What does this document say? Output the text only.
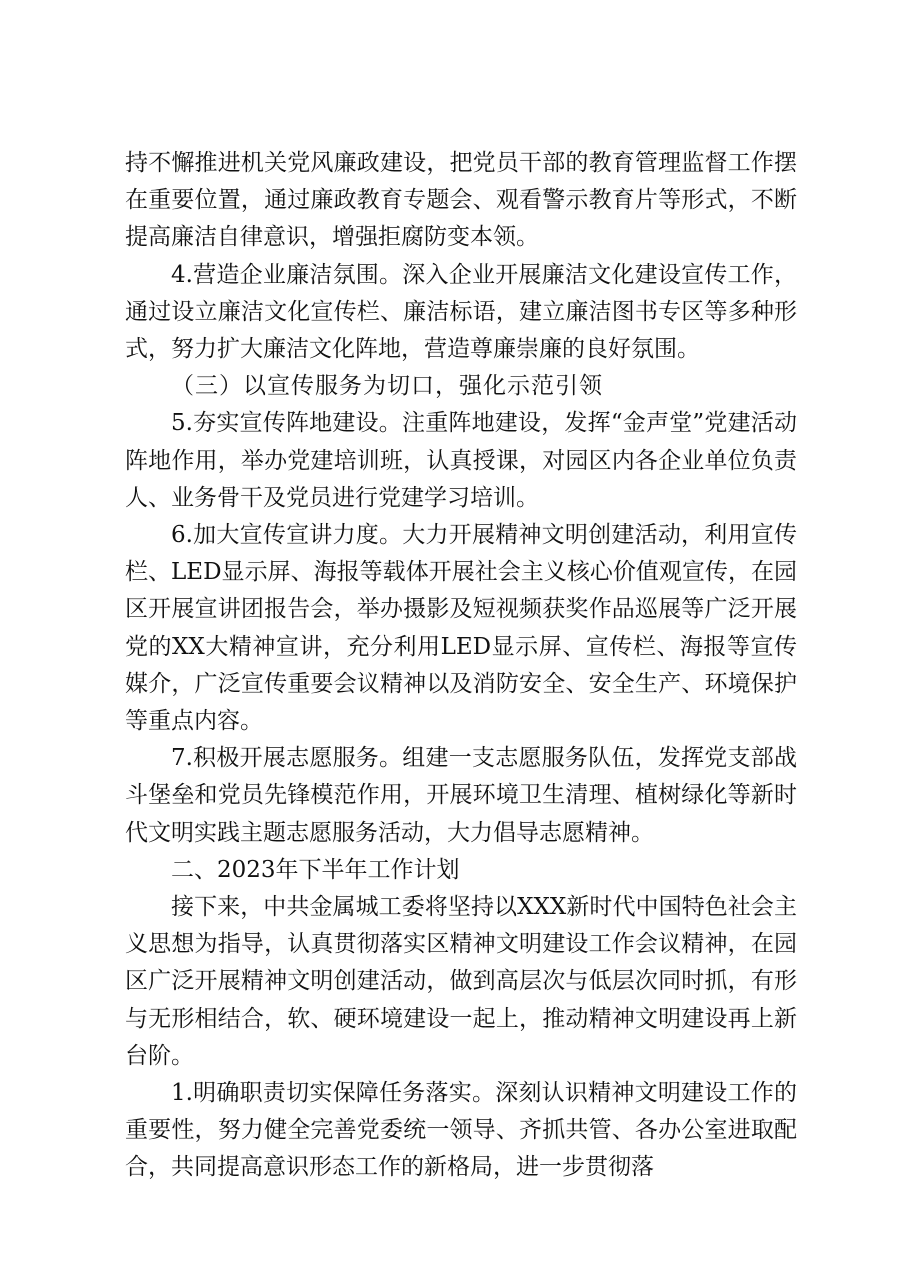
持不懈推进机关党风廉政建设，把党员干部的教育管理监督工作摆在重要位置，通过廉政教育专题会、观看警示教育片等形式，不断提高廉洁自律意识，增强拒腐防变本领。

4.营造企业廉洁氛围。深入企业开展廉洁文化建设宣传工作，通过设立廉洁文化宣传栏、廉洁标语，建立廉洁图书专区等多种形式，努力扩大廉洁文化阵地，营造尊廉崇廉的良好氛围。

（三）以宣传服务为切口，强化示范引领

5.夯实宣传阵地建设。注重阵地建设，发挥“金声堂”党建活动阵地作用，举办党建培训班，认真授课，对园区内各企业单位负责人、业务骨干及党员进行党建学习培训。

6.加大宣传宣讲力度。大力开展精神文明创建活动，利用宣传栏、LED显示屏、海报等载体开展社会主义核心价值观宣传，在园区开展宣讲团报告会，举办摄影及短视频获奖作品巡展等广泛开展党的XX大精神宣讲，充分利用LED显示屏、宣传栏、海报等宣传媒介，广泛宣传重要会议精神以及消防安全、安全生产、环境保护等重点内容。

7.积极开展志愿服务。组建一支志愿服务队伍，发挥党支部战斗堡垒和党员先锋模范作用，开展环境卫生清理、植树绿化等新时代文明实践主题志愿服务活动，大力倡导志愿精神。

二、2023年下半年工作计划

接下来，中共金属城工委将坚持以XXX新时代中国特色社会主义思想为指导，认真贯彻落实区精神文明建设工作会议精神，在园区广泛开展精神文明创建活动，做到高层次与低层次同时抓，有形与无形相结合，软、硬环境建设一起上，推动精神文明建设再上新台阶。

1.明确职责切实保障任务落实。深刻认识精神文明建设工作的重要性，努力健全完善党委统一领导、齐抓共管、各办公室进取配合，共同提高意识形态工作的新格局，进一步贯彻落
